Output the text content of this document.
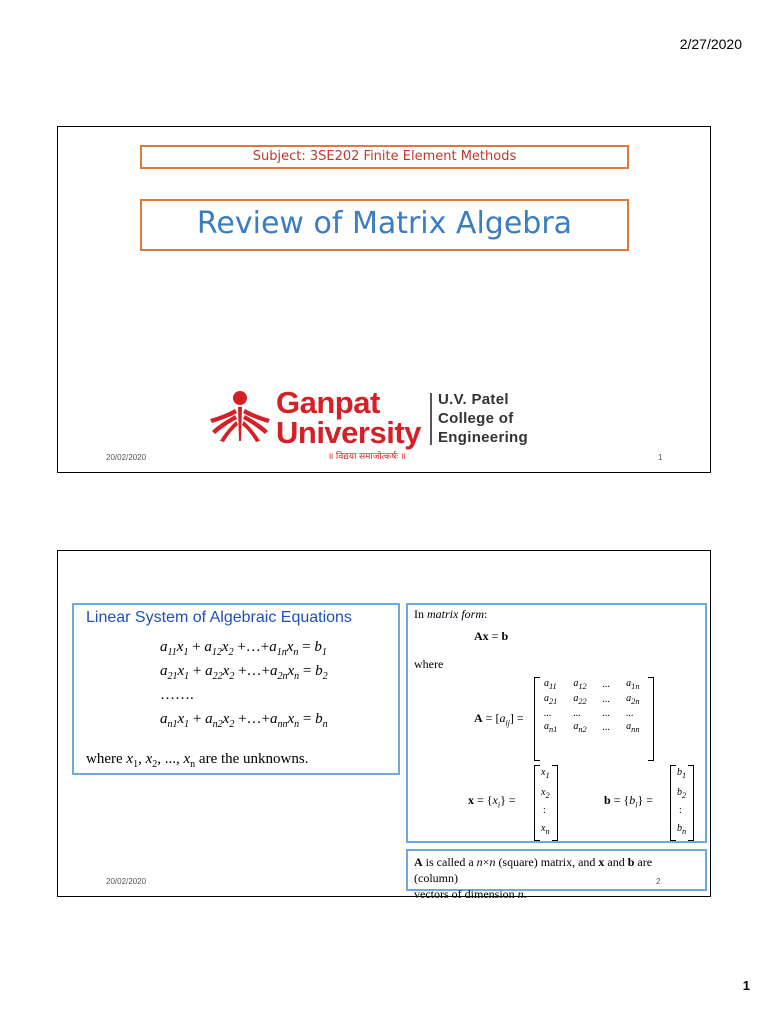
2/27/2020
Subject: 3SE202 Finite Element Methods
Review of Matrix Algebra
Ganpat
University
U.V. Patel
College of
Engineering
॥ विद्यया समाजोत्कर्षः ॥
20/02/2020	1
Linear System of Algebraic Equations
$a_{11}x_1 + a_{12}x_2$ $+\dots+a_{1n}x_n = b_1$
$a_{21}x_1 + a_{22}x_2$ $+\dots+a_{2n}x_n = b_2$
…….
$a_{n1}x_1 + a_{n2}x_2$ $+\dots+a_{nn}x_n = b_n$
where $x_1$, $x_2$, ..., $x_n$ are the unknowns.
In matrix form:
Ax = b
where
$A = [a_{ij}]$ =
$a_{11}$	$a_{12}$	...	$a_{1n}$
$a_{21}$	$a_{22}$	...	$a_{2n}$
...	...	...	...
$a_{n1}$	$a_{n2}$	...	$a_{nn}$
$x = \{x_i\}$ =
$x_1$
$x_2$
:
$x_n$
$b = \{b_i\}$ =
$b_1$
$b_2$
:
$b_n$
A is called a n×n (square) matrix, and x and b are (column)
vectors of dimension n.
20/02/2020	2
1
